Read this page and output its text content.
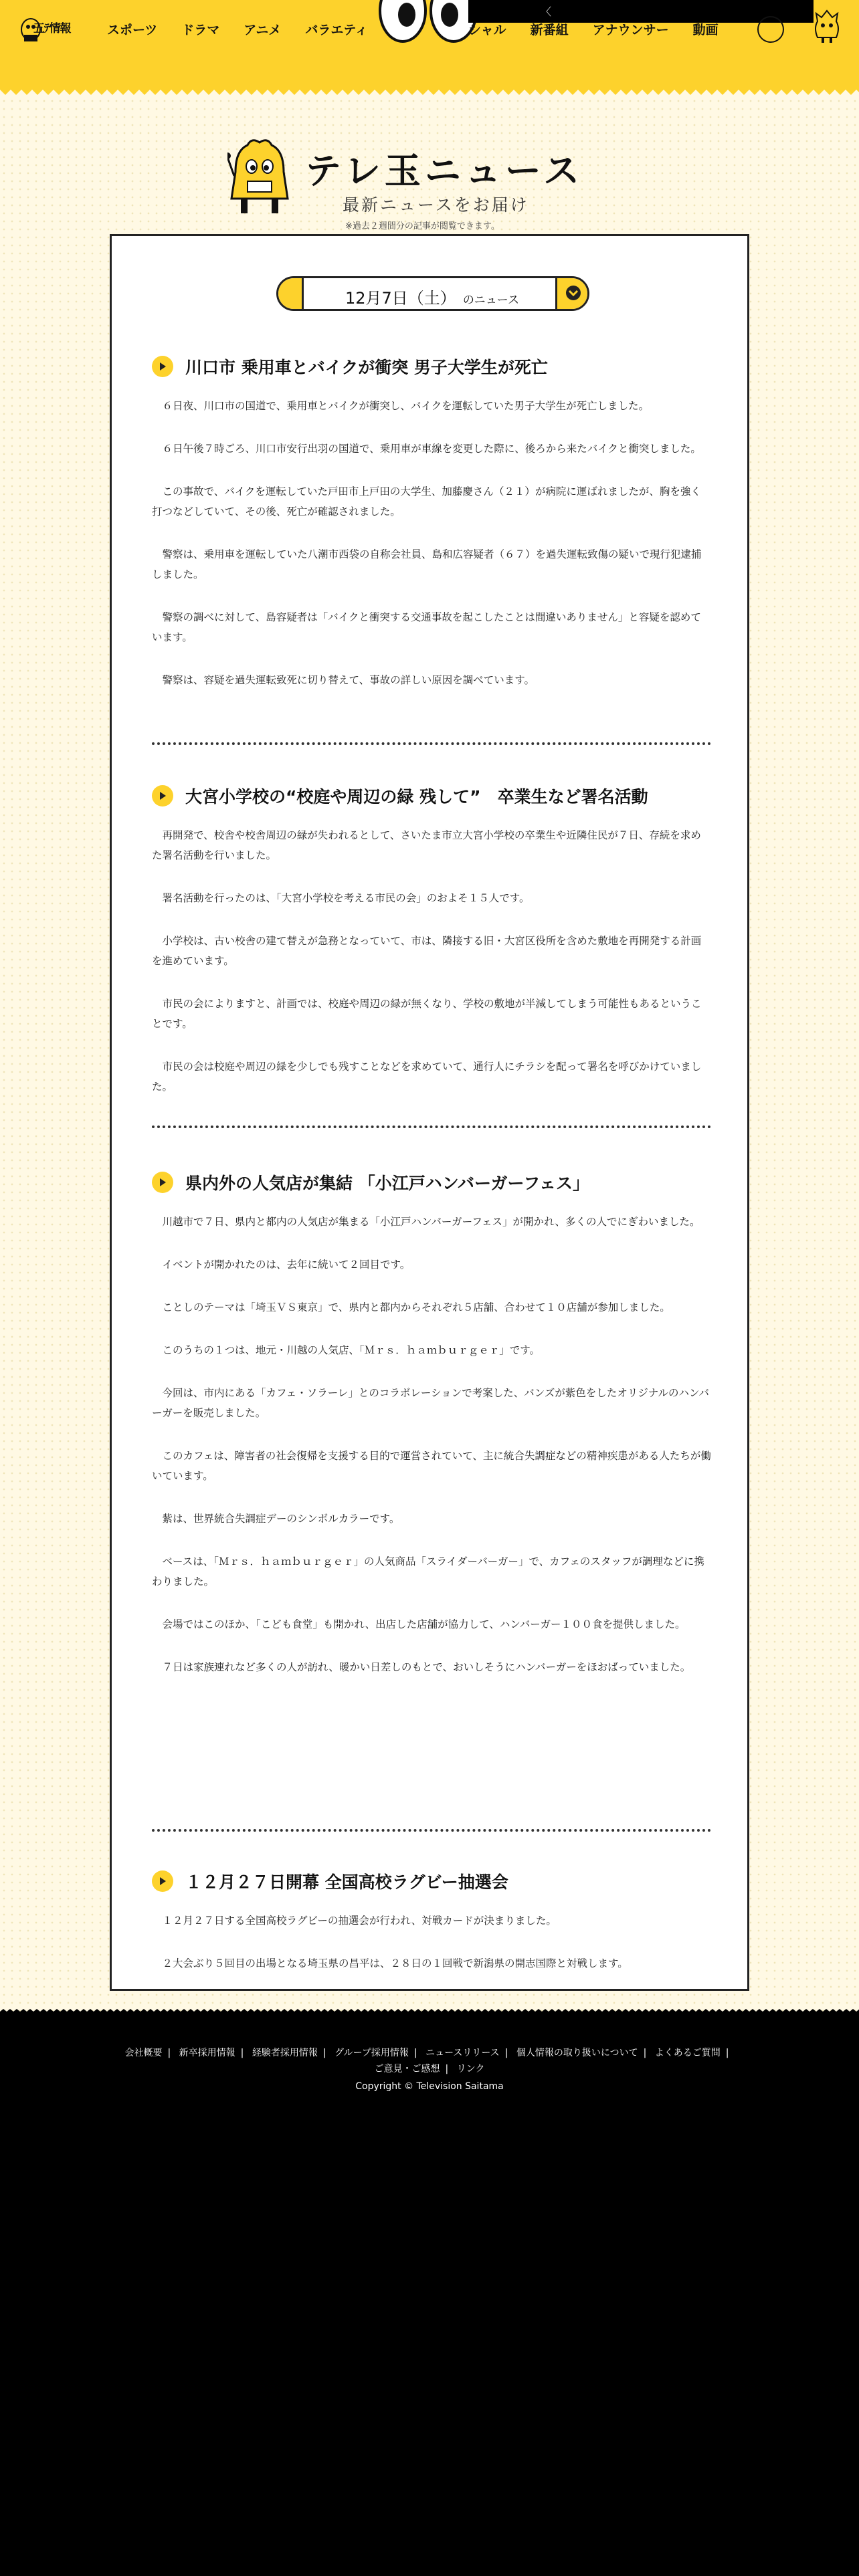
五ﾃ情報	スポーツ ドラマ アニメ バラエティ	シャル 新番組 アナウンサー 動画
〈
テレ玉ニュース
最新ニュースをお届け
※過去２週間分の記事が閲覧できます。
12月7日（土） のニュース
川口市 乗用車とバイクが衝突 男子大学生が死亡

６日夜、川口市の国道で、乗用車とバイクが衝突し、バイクを運転していた男子大学生が死亡しました。

６日午後７時ごろ、川口市安行出羽の国道で、乗用車が車線を変更した際に、後ろから来たバイクと衝突しました。

この事故で、バイクを運転していた戸田市上戸田の大学生、加藤慶さん（２１）が病院に運ばれましたが、胸を強く打つなどしていて、その後、死亡が確認されました。

警察は、乗用車を運転していた八潮市西袋の自称会社員、島和広容疑者（６７）を過失運転致傷の疑いで現行犯逮捕しました。

警察の調べに対して、島容疑者は「バイクと衝突する交通事故を起こしたことは間違いありません」と容疑を認めています。

警察は、容疑を過失運転致死に切り替えて、事故の詳しい原因を調べています。

大宮小学校の“校庭や周辺の緑 残して”　卒業生など署名活動

再開発で、校舎や校舎周辺の緑が失われるとして、さいたま市立大宮小学校の卒業生や近隣住民が７日、存続を求めた署名活動を行いました。

署名活動を行ったのは、「大宮小学校を考える市民の会」のおよそ１５人です。

小学校は、古い校舎の建て替えが急務となっていて、市は、隣接する旧・大宮区役所を含めた敷地を再開発する計画を進めています。

市民の会によりますと、計画では、校庭や周辺の緑が無くなり、学校の敷地が半減してしまう可能性もあるということです。

市民の会は校庭や周辺の緑を少しでも残すことなどを求めていて、通行人にチラシを配って署名を呼びかけていました。

県内外の人気店が集結 「小江戸ハンバーガーフェス」

川越市で７日、県内と都内の人気店が集まる「小江戸ハンバーガーフェス」が開かれ、多くの人でにぎわいました。

イベントが開かれたのは、去年に続いて２回目です。

ことしのテーマは「埼玉ＶＳ東京」で、県内と都内からそれぞれ５店舗、合わせて１０店舗が参加しました。

このうちの１つは、地元・川越の人気店、「Ｍｒｓ．ｈａｍｂｕｒｇｅｒ」です。

今回は、市内にある「カフェ・ソラーレ」とのコラボレーションで考案した、バンズが紫色をしたオリジナルのハンバーガーを販売しました。

このカフェは、障害者の社会復帰を支援する目的で運営されていて、主に統合失調症などの精神疾患がある人たちが働いています。

紫は、世界統合失調症デーのシンボルカラーです。

ベースは、「Ｍｒｓ．ｈａｍｂｕｒｇｅｒ」の人気商品「スライダーバーガー」で、カフェのスタッフが調理などに携わりました。

会場ではこのほか、「こども食堂」も開かれ、出店した店舗が協力して、ハンバーガー１００食を提供しました。

７日は家族連れなど多くの人が訪れ、暖かい日差しのもとで、おいしそうにハンバーガーをほおばっていました。

１２月２７日開幕 全国高校ラグビー抽選会

１２月２７日する全国高校ラグビーの抽選会が行われ、対戦カードが決まりました。

２大会ぶり５回目の出場となる埼玉県の昌平は、２８日の１回戦で新潟県の開志国際と対戦します。

会社概要 | 新卒採用情報 | 経験者採用情報 | グループ採用情報 | ニュースリリース | 個人情報の取り扱いについて | よくあるご質問 |
ご意見・ご感想 | リンク
Copyright © Television Saitama
